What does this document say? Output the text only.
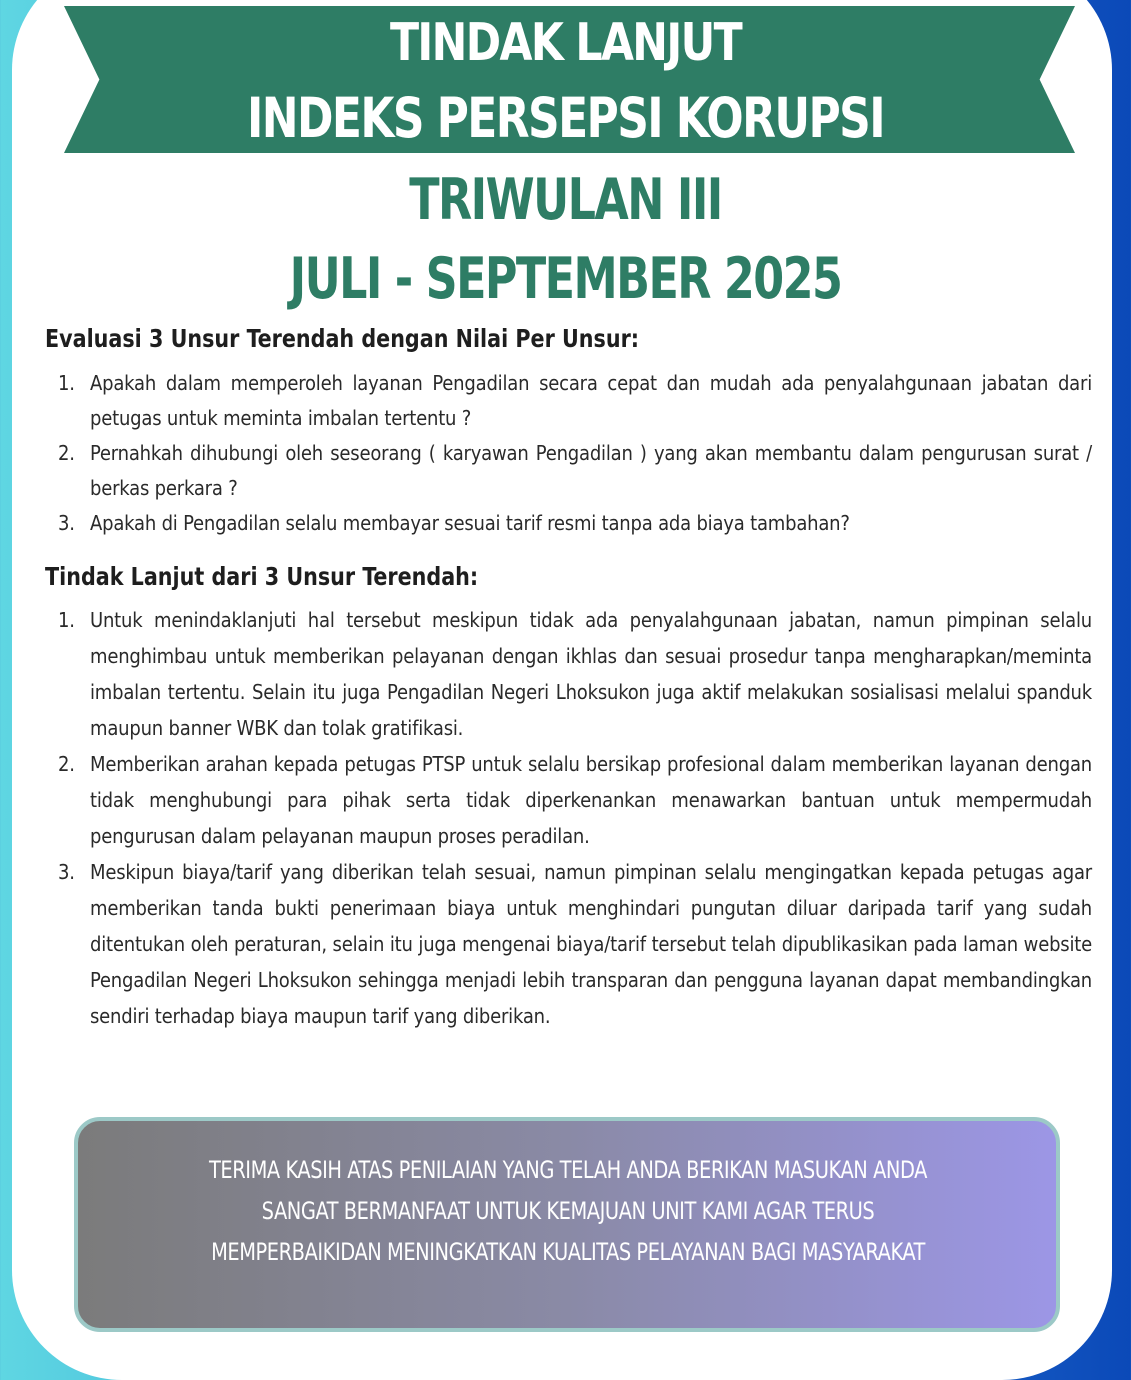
TINDAK LANJUT

INDEKS PERSEPSI KORUPSI

TRIWULAN III

JULI - SEPTEMBER 2025

Evaluasi 3 Unsur Terendah dengan Nilai Per Unsur:
1. Apakah dalam memperoleh layanan Pengadilan secara cepat dan mudah ada penyalahgunaan jabatan dari petugas untuk meminta imbalan tertentu ?
2. Pernahkah dihubungi oleh seseorang ( karyawan Pengadilan ) yang akan membantu dalam pengurusan surat / berkas perkara ?
3. Apakah di Pengadilan selalu membayar sesuai tarif resmi tanpa ada biaya tambahan?
Tindak Lanjut dari 3 Unsur Terendah:
1. Untuk menindaklanjuti hal tersebut meskipun tidak ada penyalahgunaan jabatan, namun pimpinan selalu menghimbau untuk memberikan pelayanan dengan ikhlas dan sesuai prosedur tanpa mengharapkan/meminta imbalan tertentu. Selain itu juga Pengadilan Negeri Lhoksukon juga aktif melakukan sosialisasi melalui spanduk maupun banner WBK dan tolak gratifikasi.
2. Memberikan arahan kepada petugas PTSP untuk selalu bersikap profesional dalam memberikan layanan dengan tidak menghubungi para pihak serta tidak diperkenankan menawarkan bantuan untuk mempermudah pengurusan dalam pelayanan maupun proses peradilan.
3. Meskipun biaya/tarif yang diberikan telah sesuai, namun pimpinan selalu mengingatkan kepada petugas agar memberikan tanda bukti penerimaan biaya untuk menghindari pungutan diluar daripada tarif yang sudah ditentukan oleh peraturan, selain itu juga mengenai biaya/tarif tersebut telah dipublikasikan pada laman website Pengadilan Negeri Lhoksukon sehingga menjadi lebih transparan dan pengguna layanan dapat membandingkan sendiri terhadap biaya maupun tarif yang diberikan.

TERIMA KASIH ATAS PENILAIAN YANG TELAH ANDA BERIKAN MASUKAN ANDA

SANGAT BERMANFAAT UNTUK KEMAJUAN UNIT KAMI AGAR TERUS

MEMPERBAIKIDAN MENINGKATKAN KUALITAS PELAYANAN BAGI MASYARAKAT
